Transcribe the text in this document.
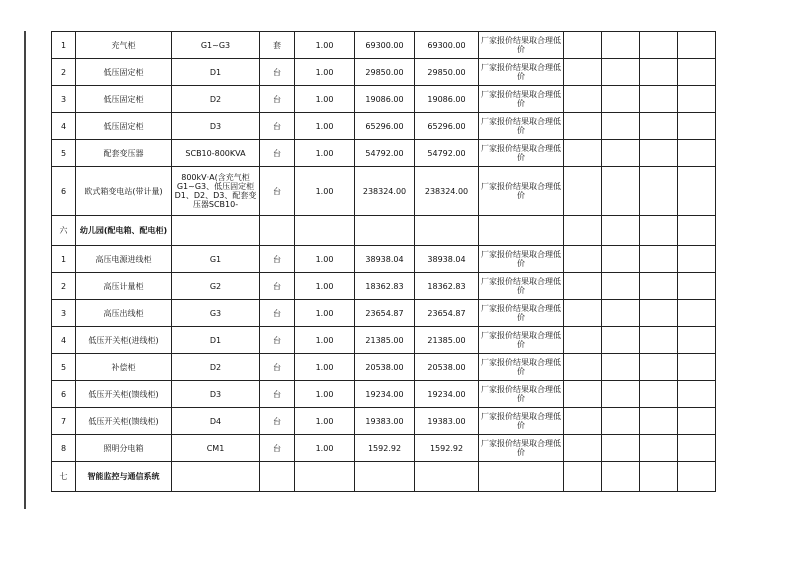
1	充气柜	G1~G3	套	1.00	69300.00	69300.00	厂家报价结果取合理低价				
2	低压固定柜	D1	台	1.00	29850.00	29850.00	厂家报价结果取合理低价				
3	低压固定柜	D2	台	1.00	19086.00	19086.00	厂家报价结果取合理低价				
4	低压固定柜	D3	台	1.00	65296.00	65296.00	厂家报价结果取合理低价				
5	配套变压器	SCB10-800KVA	台	1.00	54792.00	54792.00	厂家报价结果取合理低价				
6	欧式箱变电站(带计量)	800kV·A(含充气柜G1~G3、低压固定柜D1、D2、D3、配套变压器SCB10-	台	1.00	238324.00	238324.00	厂家报价结果取合理低价				
六	幼儿园(配电箱、配电柜)										
1	高压电源进线柜	G1	台	1.00	38938.04	38938.04	厂家报价结果取合理低价				
2	高压计量柜	G2	台	1.00	18362.83	18362.83	厂家报价结果取合理低价				
3	高压出线柜	G3	台	1.00	23654.87	23654.87	厂家报价结果取合理低价				
4	低压开关柜(进线柜)	D1	台	1.00	21385.00	21385.00	厂家报价结果取合理低价				
5	补偿柜	D2	台	1.00	20538.00	20538.00	厂家报价结果取合理低价				
6	低压开关柜(馈线柜)	D3	台	1.00	19234.00	19234.00	厂家报价结果取合理低价				
7	低压开关柜(馈线柜)	D4	台	1.00	19383.00	19383.00	厂家报价结果取合理低价				
8	照明分电箱	CM1	台	1.00	1592.92	1592.92	厂家报价结果取合理低价				
七	智能监控与通信系统										
